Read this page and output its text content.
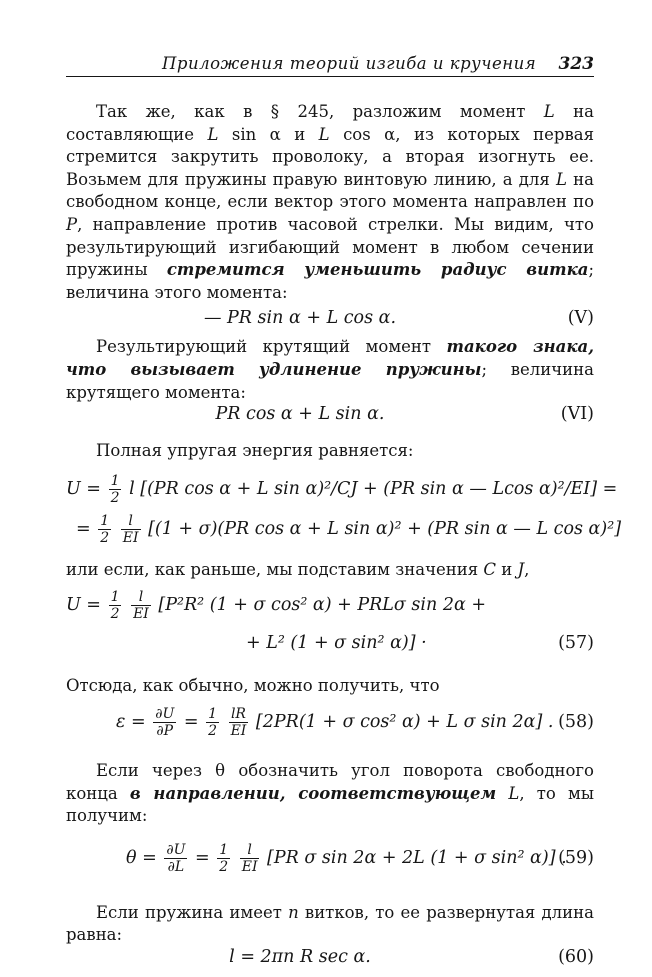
Приложения теорий изгиба и кручения 323

Так же, как в § 245, разложим момент L на составляющие L sin α и L cos α, из которых первая стремится закрутить проволоку, а вторая изогнуть ее. Возьмем для пружины правую винтовую линию, а для L на свободном конце, если вектор этого момента направлен по P, направление против часовой стрелки. Мы видим, что результирующий изгибающий момент в любом сечении пружины стремится уменьшить радиус витка; величина этого момента:

— PR sin α + L cos α.	(V)

Результирующий крутящий момент такого знака, что вызывает удлинение пружины; величина крутящего момента:

PR cos α + L sin α.	(VI)

Полная упругая энергия равняется:

$U = \frac{1}{2}$ l [(PR cos α + L sin α)²/CJ + (PR sin α — Lcos α)²/EI] =
= $\frac{1}{2}$
$\frac{l}{EI} [(1 + \sigma)(PR$ cos α + L sin α)² + (PR sin α — L cos α)²]

или если, как раньше, мы подставим значения C и J,

$U = \frac{1}{2}$
$\frac{l}{EI} [P^2R^2$ (1 + σ cos² α) + PRLσ sin 2α +
+ L² (1 + σ sin² α)] ·	(57)

Отсюда, как обычно, можно получить, что

$\varepsilon = \frac{\partial U}{\partial P} = \frac{1}{2}$
$\frac{lR}{EI} [2PR(1 + \sigma$ cos² α) + L σ sin 2α] . (58)

Если через θ обозначить угол поворота свободного конца в направлении, соответствующем L, то мы получим:

$\theta = \frac{\partial U}{\partial L} = \frac{1}{2}$
$\frac{l}{EI} [PR$ σ sin 2α + 2L (1 + σ sin² α)] .
(59)

Если пружина имеет n витков, то ее развернутая длина равна:

l = 2πn R sec α.	(60)
